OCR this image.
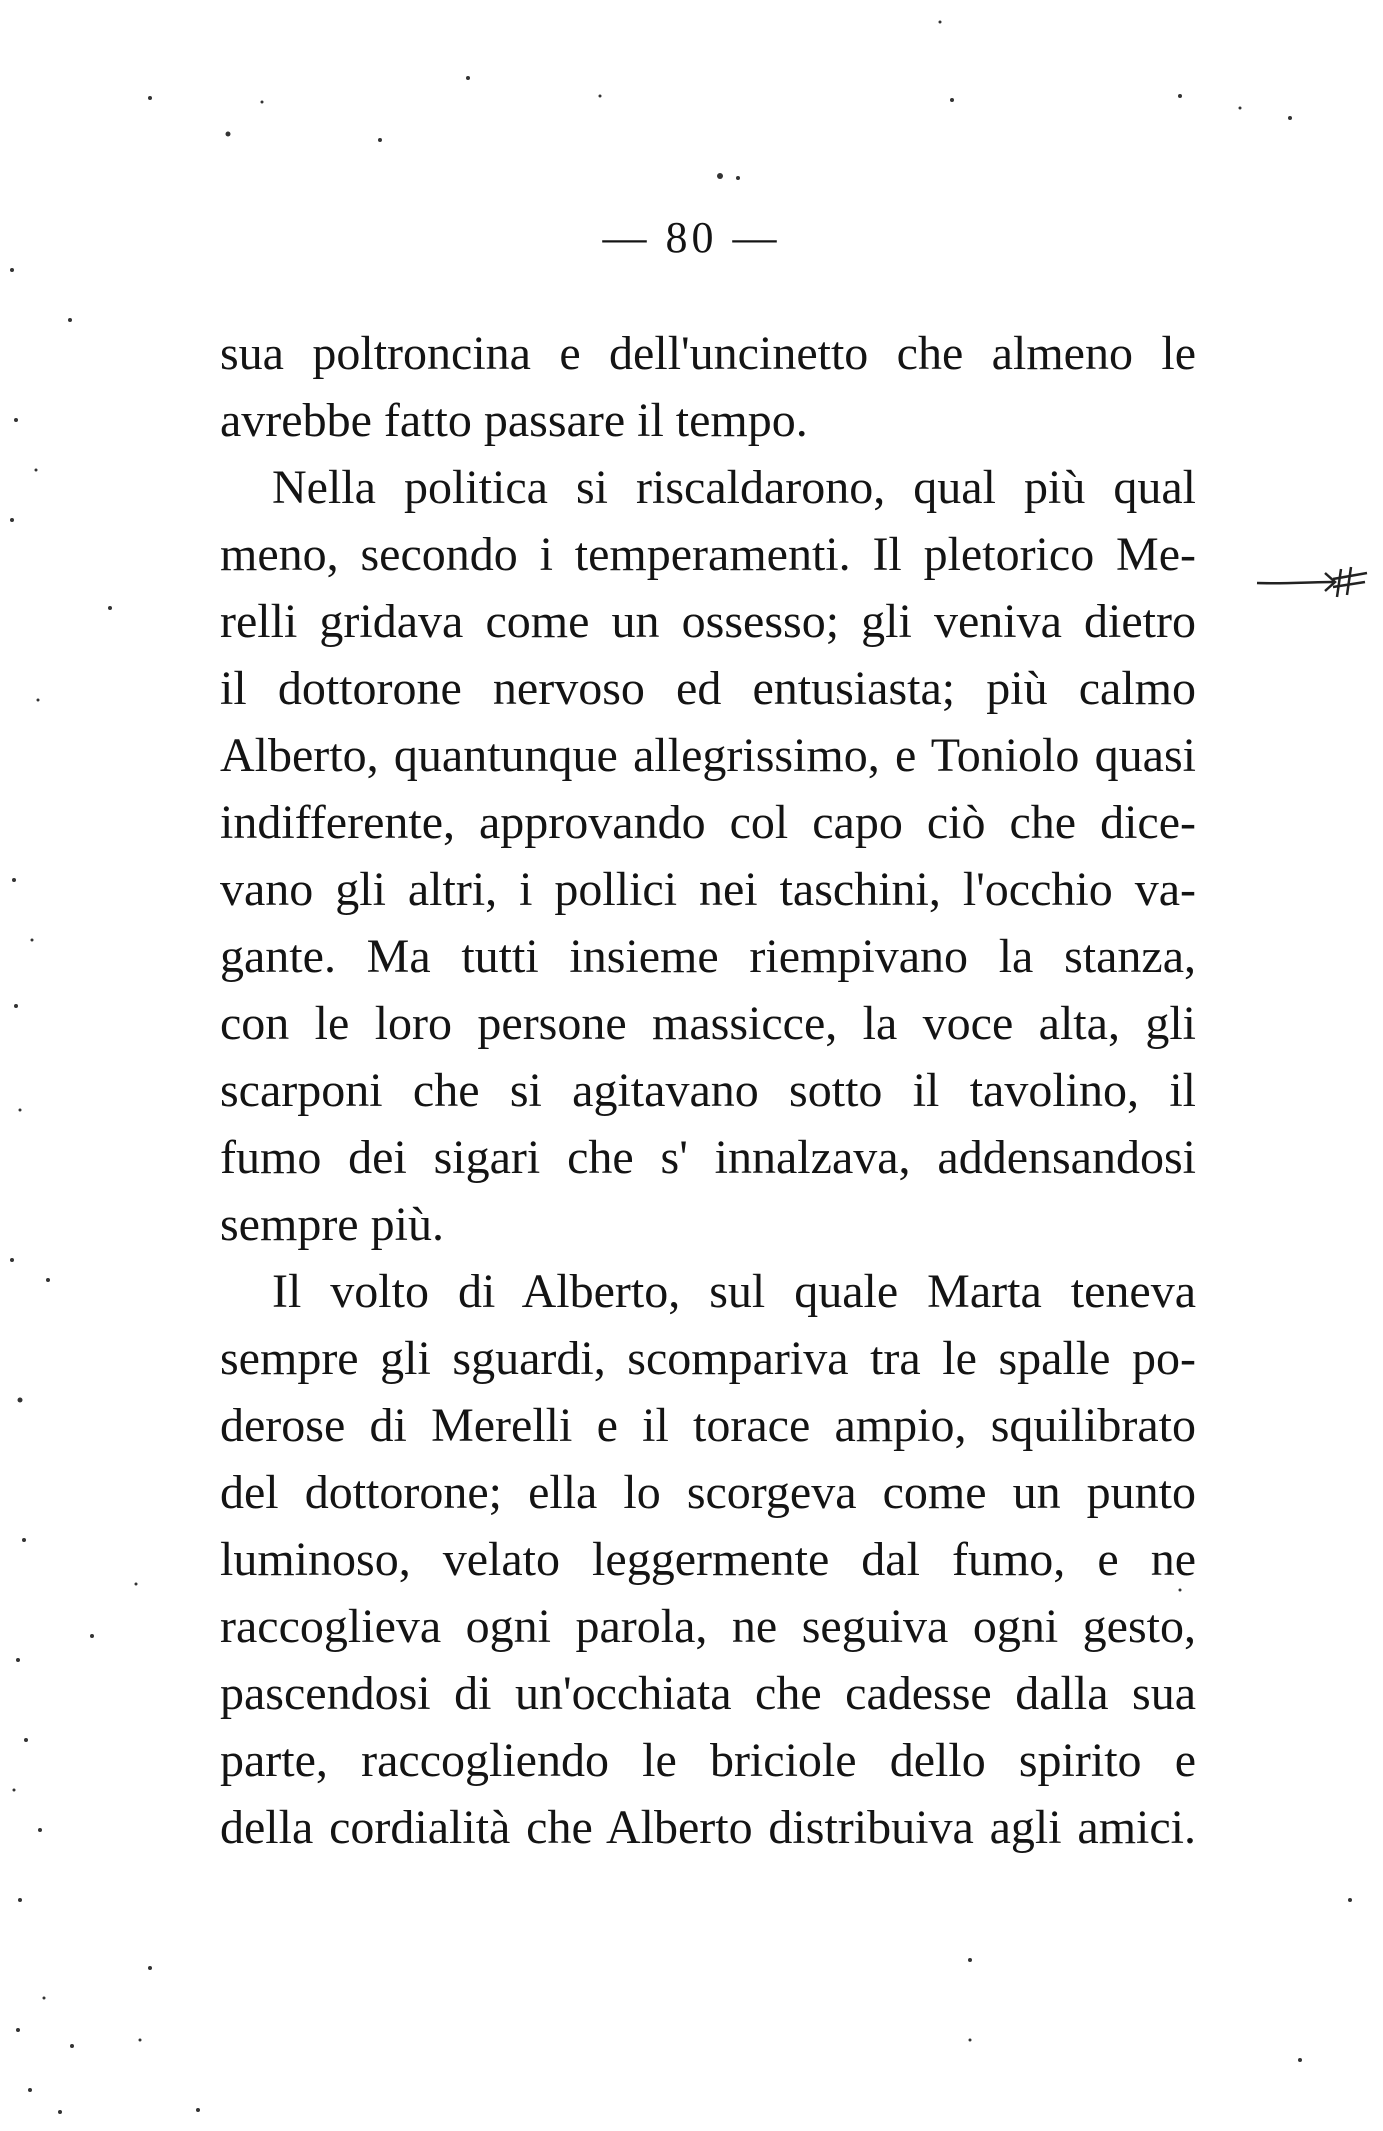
— 80 —
sua poltroncina e dell'uncinetto che almeno le
avrebbe fatto passare il tempo.
Nella politica si riscaldarono, qual più qual
meno, secondo i temperamenti. Il pletorico Me-
relli gridava come un ossesso; gli veniva dietro
il dottorone nervoso ed entusiasta; più calmo
Alberto, quantunque allegrissimo, e Toniolo quasi
indifferente, approvando col capo ciò che dice-
vano gli altri, i pollici nei taschini, l'occhio va-
gante. Ma tutti insieme riempivano la stanza,
con le loro persone massicce, la voce alta, gli
scarponi che si agitavano sotto il tavolino, il
fumo dei sigari che s' innalzava, addensandosi
sempre più.
Il volto di Alberto, sul quale Marta teneva
sempre gli sguardi, scompariva tra le spalle po-
derose di Merelli e il torace ampio, squilibrato
del dottorone; ella lo scorgeva come un punto
luminoso, velato leggermente dal fumo, e ne
raccoglieva ogni parola, ne seguiva ogni gesto,
pascendosi di un'occhiata che cadesse dalla sua
parte, raccogliendo le briciole dello spirito e
della cordialità che Alberto distribuiva agli amici.
